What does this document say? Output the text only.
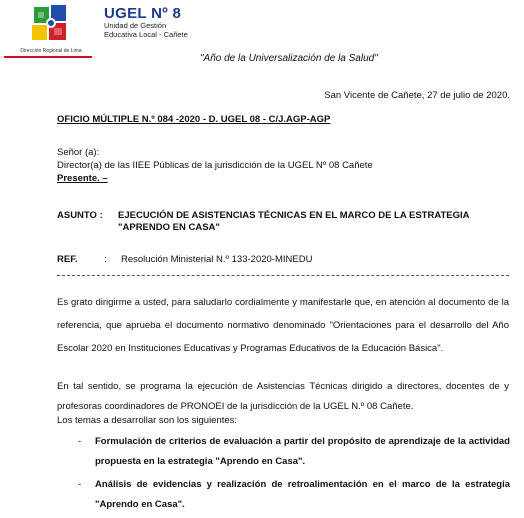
Dirección Regional de Lima
UGEL Nº 8
Unidad de Gestión
Educativa Local - Cañete
"Año de la Universalización de la Salud"
San Vicente de Cañete, 27 de julio de 2020.
OFICIO MÚLTIPLE N.º 084 -2020 - D. UGEL 08 - C/J.AGP-AGP
Señor (a):
Director(a) de las IIEE Públicas de la jurisdicción de la UGEL Nº 08 Cañete
Presente. –
ASUNTO : EJECUCIÓN DE ASISTENCIAS TÉCNICAS EN EL MARCO DE LA ESTRATEGIA "APRENDO EN CASA"
REF.	: Resolución Ministerial N.º 133-2020-MINEDU
Es grato dirigirme a usted, para saludarlo cordialmente y manifestarle que, en atención al documento de la referencia, que aprueba el documento normativo denominado "Orientaciones para el desarrollo del Año Escolar 2020 en Instituciones Educativas y Programas Educativos de la Educación Básica".
En tal sentido, se programa la ejecución de Asistencias Técnicas dirigido a directores, docentes de y profesoras coordinadores de PRONOEI de la jurisdicción de la UGEL N.º 08 Cañete.
Los temas a desarrollar son los siguientes:
- Formulación de criterios de evaluación a partir del propósito de aprendizaje de la actividad propuesta en la estrategia "Aprendo en Casa".
- Análisis de evidencias y realización de retroalimentación en el marco de la estrategia "Aprendo en Casa".
